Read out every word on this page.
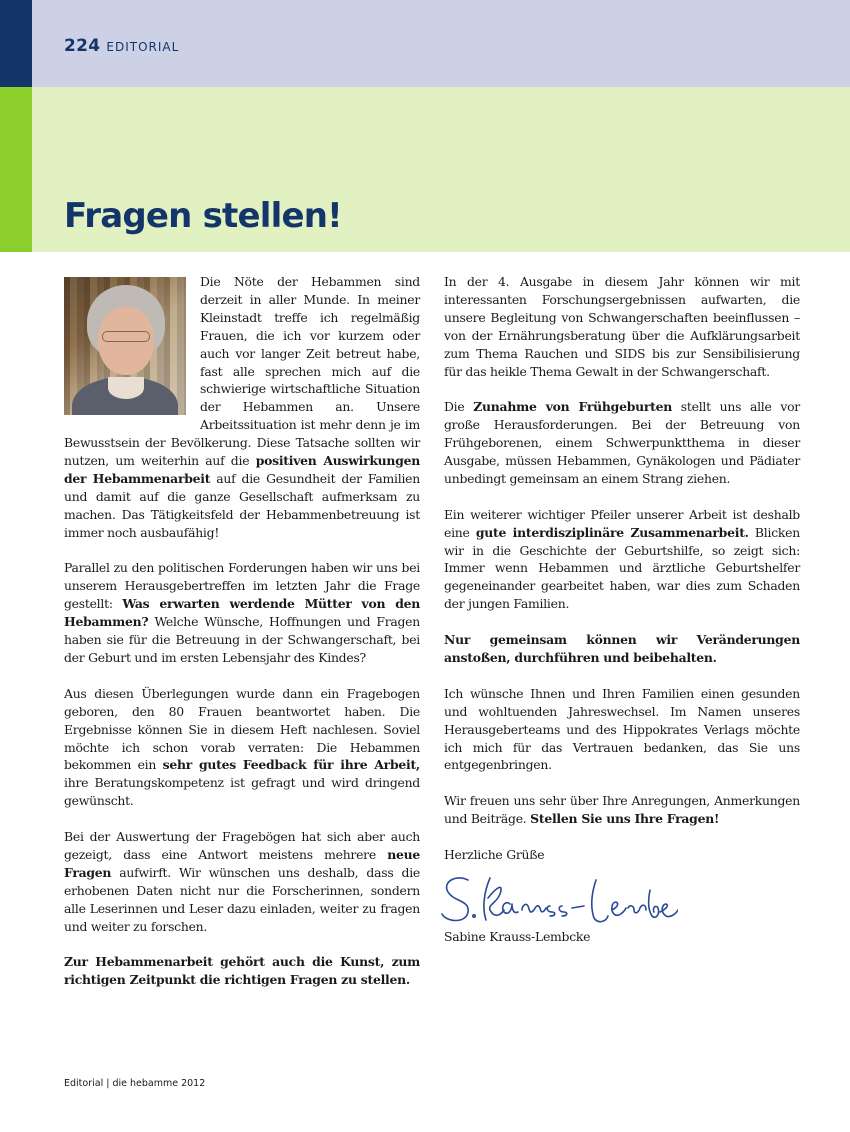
224 EDITORIAL
Fragen stellen!

Die Nöte der Hebammen sind derzeit in aller Munde. In meiner Kleinstadt treffe ich regelmäßig Frauen, die ich vor kurzem oder auch vor langer Zeit betreut habe, fast alle sprechen mich auf die schwierige wirtschaftliche Situation der Hebammen an. Unsere Arbeitssituation ist mehr denn je im Bewusstsein der Bevölkerung. Diese Tatsache sollten wir nutzen, um weiterhin auf die positiven Auswirkungen der Hebammenarbeit auf die Gesundheit der Familien und damit auf die ganze Gesellschaft aufmerksam zu machen. Das Tätigkeitsfeld der Hebammenbetreuung ist immer noch ausbaufähig!

Parallel zu den politischen Forderungen haben wir uns bei unserem Herausgebertreffen im letzten Jahr die Frage gestellt: Was erwarten werdende Mütter von den Hebammen? Welche Wünsche, Hoffnungen und Fragen haben sie für die Betreuung in der Schwangerschaft, bei der Geburt und im ersten Lebensjahr des Kindes?

Aus diesen Überlegungen wurde dann ein Fragebogen geboren, den 80 Frauen beantwortet haben. Die Ergebnisse können Sie in diesem Heft nachlesen. Soviel möchte ich schon vorab verraten: Die Hebammen bekommen ein sehr gutes Feedback für ihre Arbeit, ihre Beratungskompetenz ist gefragt und wird dringend gewünscht.

Bei der Auswertung der Fragebögen hat sich aber auch gezeigt, dass eine Antwort meistens mehrere neue Fragen aufwirft. Wir wünschen uns deshalb, dass die erhobenen Daten nicht nur die Forscherinnen, sondern alle Leserinnen und Leser dazu einladen, weiter zu fragen und weiter zu forschen.

Zur Hebammenarbeit gehört auch die Kunst, zum richtigen Zeitpunkt die richtigen Fragen zu stellen.

In der 4. Ausgabe in diesem Jahr können wir mit interessanten Forschungsergebnissen aufwarten, die unsere Begleitung von Schwangerschaften beeinflussen – von der Ernährungsberatung über die Aufklärungsarbeit zum Thema Rauchen und SIDS bis zur Sensibilisierung für das heikle Thema Gewalt in der Schwangerschaft.

Die Zunahme von Frühgeburten stellt uns alle vor große Herausforderungen. Bei der Betreuung von Frühgeborenen, einem Schwerpunktthema in dieser Ausgabe, müssen Hebammen, Gynäkologen und Pädiater unbedingt gemeinsam an einem Strang ziehen.

Ein weiterer wichtiger Pfeiler unserer Arbeit ist deshalb eine gute interdisziplinäre Zusammenarbeit. Blicken wir in die Geschichte der Geburtshilfe, so zeigt sich: Immer wenn Hebammen und ärztliche Geburtshelfer gegeneinander gearbeitet haben, war dies zum Schaden der jungen Familien.

Nur gemeinsam können wir Veränderungen anstoßen, durchführen und beibehalten.

Ich wünsche Ihnen und Ihren Familien einen gesunden und wohltuenden Jahreswechsel. Im Namen unseres Herausgeberteams und des Hippokrates Verlags möchte ich mich für das Vertrauen bedanken, das Sie uns entgegenbringen.

Wir freuen uns sehr über Ihre Anregungen, Anmerkungen und Beiträge. Stellen Sie uns Ihre Fragen!

Herzliche Grüße

Sabine Krauss-Lembcke

Editorial | die hebamme 2012
